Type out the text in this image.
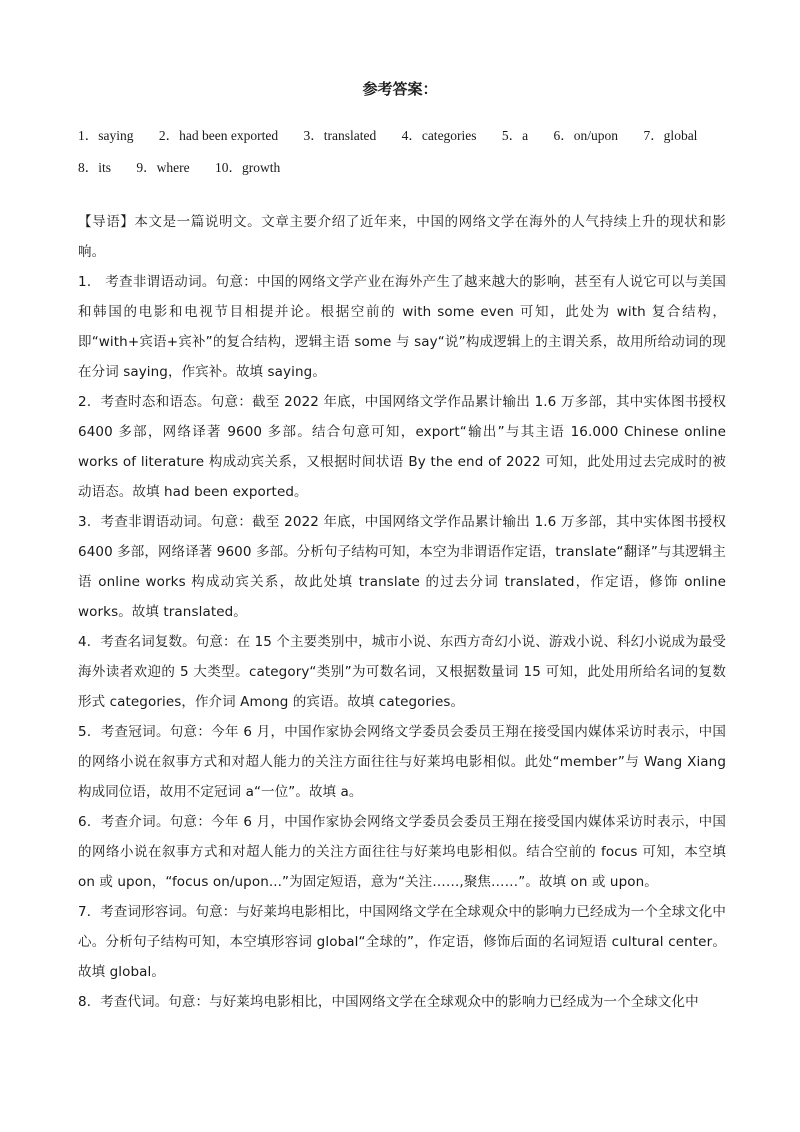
参考答案：
1．saying 2．had been exported 3．translated 4．categories 5．a 6．on/upon 7．global
8．its 9．where 10．growth

【导语】本文是一篇说明文。文章主要介绍了近年来，中国的网络文学在海外的人气持续上升的现状和影响。

1． 考查非谓语动词。句意：中国的网络文学产业在海外产生了越来越大的影响，甚至有人说它可以与美国和韩国的电影和电视节目相提并论。根据空前的 with some even 可知，此处为 with 复合结构，即“with+宾语+宾补”的复合结构，逻辑主语 some 与 say“说”构成逻辑上的主谓关系，故用所给动词的现在分词 saying，作宾补。故填 saying。

2．考查时态和语态。句意：截至 2022 年底，中国网络文学作品累计输出 1.6 万多部，其中实体图书授权 6400 多部，网络译著 9600 多部。结合句意可知，export“输出”与其主语 16.000 Chinese online works of literature 构成动宾关系，又根据时间状语 By the end of 2022 可知，此处用过去完成时的被动语态。故填 had been exported。

3．考查非谓语动词。句意：截至 2022 年底，中国网络文学作品累计输出 1.6 万多部，其中实体图书授权 6400 多部，网络译著 9600 多部。分析句子结构可知，本空为非谓语作定语，translate“翻译”与其逻辑主语 online works 构成动宾关系，故此处填 translate 的过去分词 translated，作定语，修饰 online works。故填 translated。

4．考查名词复数。句意：在 15 个主要类别中，城市小说、东西方奇幻小说、游戏小说、科幻小说成为最受海外读者欢迎的 5 大类型。category“类别”为可数名词，又根据数量词 15 可知，此处用所给名词的复数形式 categories，作介词 Among 的宾语。故填 categories。

5．考查冠词。句意：今年 6 月，中国作家协会网络文学委员会委员王翔在接受国内媒体采访时表示，中国的网络小说在叙事方式和对超人能力的关注方面往往与好莱坞电影相似。此处“member”与 Wang Xiang 构成同位语，故用不定冠词 a“一位”。故填 a。

6．考查介词。句意：今年 6 月，中国作家协会网络文学委员会委员王翔在接受国内媒体采访时表示，中国的网络小说在叙事方式和对超人能力的关注方面往往与好莱坞电影相似。结合空前的 focus 可知，本空填 on 或 upon，“focus on/upon...”为固定短语，意为“关注……,聚焦……”。故填 on 或 upon。

7．考查词形容词。句意：与好莱坞电影相比，中国网络文学在全球观众中的影响力已经成为一个全球文化中心。分析句子结构可知，本空填形容词 global“全球的”，作定语，修饰后面的名词短语 cultural center。故填 global。

8．考查代词。句意：与好莱坞电影相比，中国网络文学在全球观众中的影响力已经成为一个全球文化中
